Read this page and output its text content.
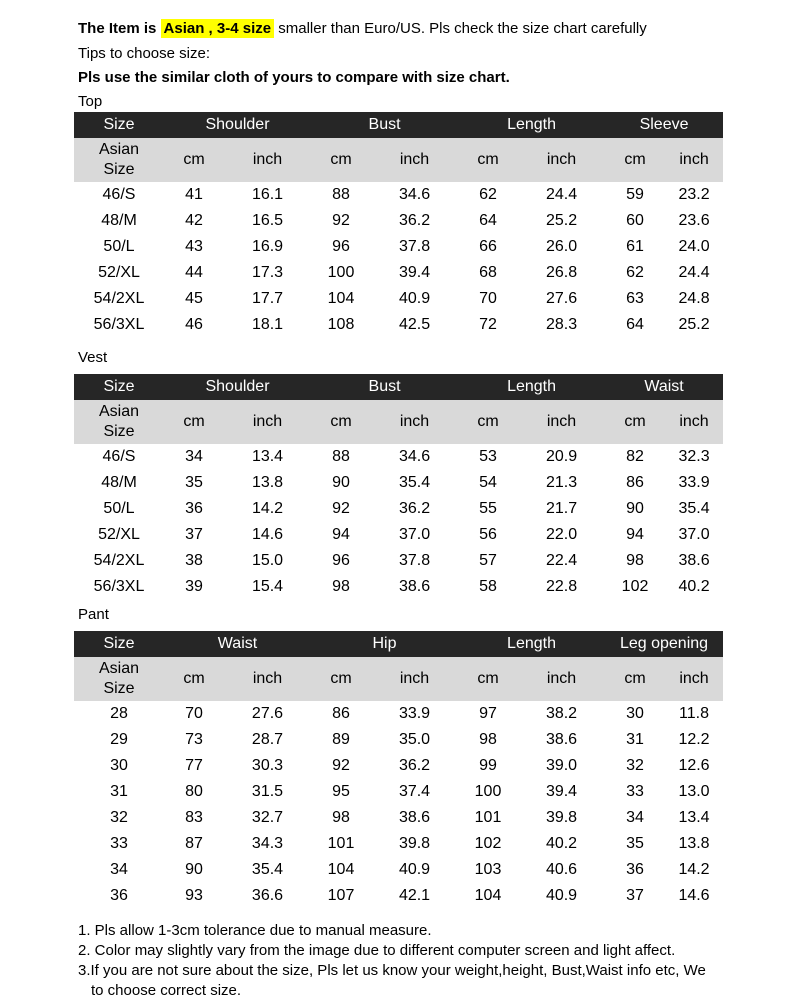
The Item is Asian , 3-4 size smaller than Euro/US. Pls check the size chart carefully
Tips to choose size:
Pls use the similar cloth of yours to compare with size chart.
Top
Size	Shoulder		Bust		Length		Sleeve	

Asian
Size	cm	inch	cm	inch	cm	inch	cm	inch
46/S	41	16.1	88	34.6	62	24.4	59	23.2
48/M	42	16.5	92	36.2	64	25.2	60	23.6
50/L	43	16.9	96	37.8	66	26.0	61	24.0
52/XL	44	17.3	100	39.4	68	26.8	62	24.4
54/2XL	45	17.7	104	40.9	70	27.6	63	24.8
56/3XL	46	18.1	108	42.5	72	28.3	64	25.2
Vest
Size	Shoulder		Bust		Length		Waist	

Asian
Size	cm	inch	cm	inch	cm	inch	cm	inch
46/S	34	13.4	88	34.6	53	20.9	82	32.3
48/M	35	13.8	90	35.4	54	21.3	86	33.9
50/L	36	14.2	92	36.2	55	21.7	90	35.4
52/XL	37	14.6	94	37.0	56	22.0	94	37.0
54/2XL	38	15.0	96	37.8	57	22.4	98	38.6
56/3XL	39	15.4	98	38.6	58	22.8	102	40.2
Pant
Size	Waist		Hip		Length		Leg opening	

Asian
Size	cm	inch	cm	inch	cm	inch	cm	inch
28	70	27.6	86	33.9	97	38.2	30	11.8
29	73	28.7	89	35.0	98	38.6	31	12.2
30	77	30.3	92	36.2	99	39.0	32	12.6
31	80	31.5	95	37.4	100	39.4	33	13.0
32	83	32.7	98	38.6	101	39.8	34	13.4
33	87	34.3	101	39.8	102	40.2	35	13.8
34	90	35.4	104	40.9	103	40.6	36	14.2
36	93	36.6	107	42.1	104	40.9	37	14.6
1. Pls allow 1-3cm tolerance due to manual measure.
2. Color may slightly vary from the image due to different computer screen and light affect.
3.If you are not sure about the size, Pls let us know your weight,height, Bust,Waist info etc, We
to choose correct size.
